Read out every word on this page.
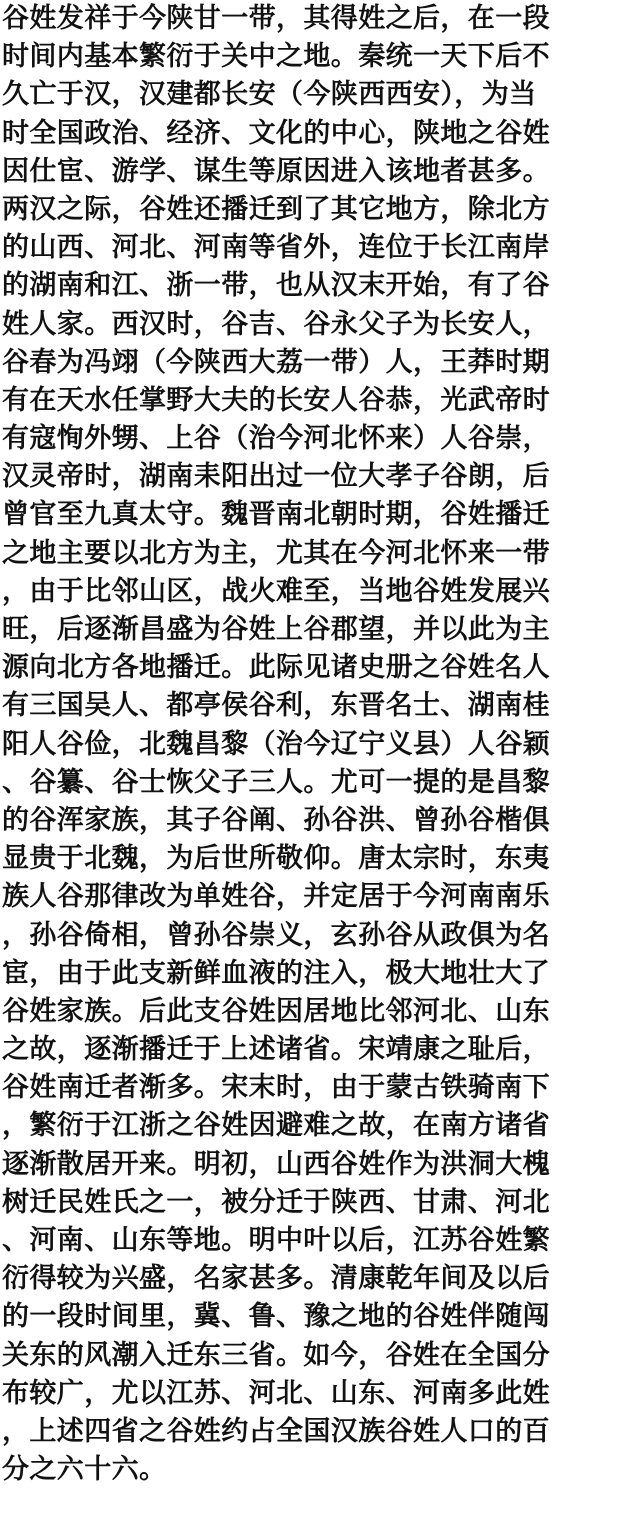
谷姓发祥于今陕甘一带，其得姓之后，在一段
时间内基本繁衍于关中之地。秦统一天下后不
久亡于汉，汉建都长安（今陕西西安），为当
时全国政治、经济、文化的中心，陕地之谷姓
因仕宦、游学、谋生等原因进入该地者甚多。
两汉之际，谷姓还播迁到了其它地方，除北方
的山西、河北、河南等省外，连位于长江南岸
的湖南和江、浙一带，也从汉末开始，有了谷
姓人家。西汉时，谷吉、谷永父子为长安人，
谷春为冯翊（今陕西大荔一带）人，王莽时期
有在天水任掌野大夫的长安人谷恭，光武帝时
有寇恂外甥、上谷（治今河北怀来）人谷崇，
汉灵帝时，湖南耒阳出过一位大孝子谷朗，后
曾官至九真太守。魏晋南北朝时期，谷姓播迁
之地主要以北方为主，尤其在今河北怀来一带
，由于比邻山区，战火难至，当地谷姓发展兴
旺，后逐渐昌盛为谷姓上谷郡望，并以此为主
源向北方各地播迁。此际见诸史册之谷姓名人
有三国吴人、都亭侯谷利，东晋名士、湖南桂
阳人谷俭，北魏昌黎（治今辽宁义县）人谷颖
、谷纂、谷士恢父子三人。尤可一提的是昌黎
的谷浑家族，其子谷阐、孙谷洪、曾孙谷楷俱
显贵于北魏，为后世所敬仰。唐太宗时，东夷
族人谷那律改为单姓谷，并定居于今河南南乐
，孙谷倚相，曾孙谷崇义，玄孙谷从政俱为名
宦，由于此支新鲜血液的注入，极大地壮大了
谷姓家族。后此支谷姓因居地比邻河北、山东
之故，逐渐播迁于上述诸省。宋靖康之耻后，
谷姓南迁者渐多。宋末时，由于蒙古铁骑南下
，繁衍于江浙之谷姓因避难之故，在南方诸省
逐渐散居开来。明初，山西谷姓作为洪洞大槐
树迁民姓氏之一，被分迁于陕西、甘肃、河北
、河南、山东等地。明中叶以后，江苏谷姓繁
衍得较为兴盛，名家甚多。清康乾年间及以后
的一段时间里，冀、鲁、豫之地的谷姓伴随闯
关东的风潮入迁东三省。如今，谷姓在全国分
布较广，尤以江苏、河北、山东、河南多此姓
，上述四省之谷姓约占全国汉族谷姓人口的百
分之六十六。
